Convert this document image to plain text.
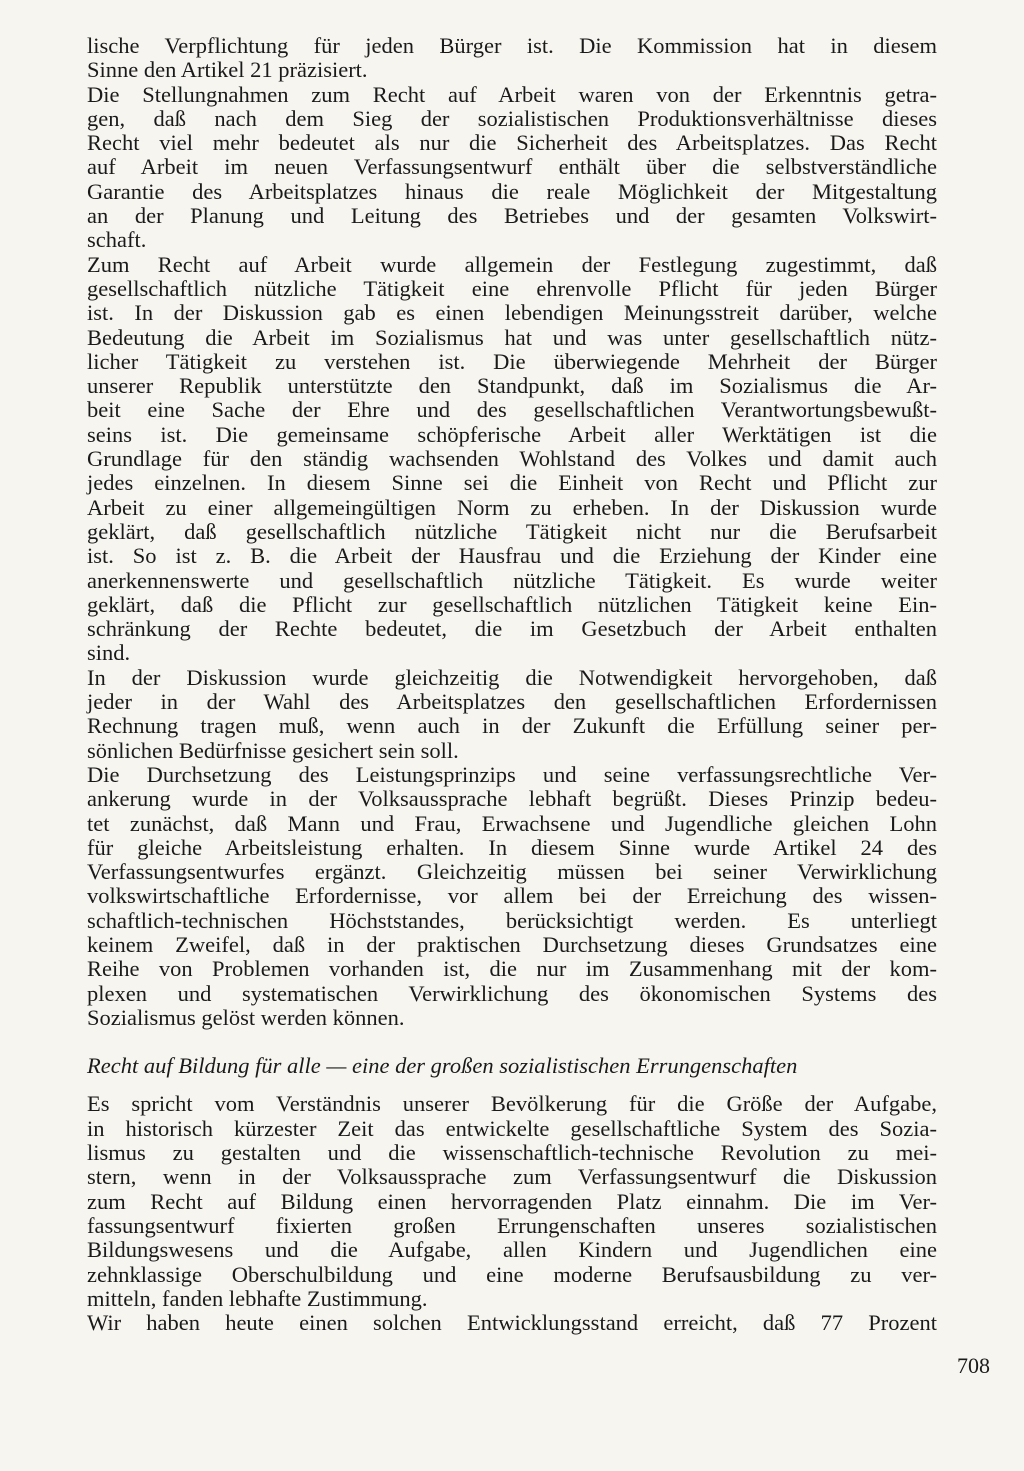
lische Verpflichtung für jeden Bürger ist. Die Kommission hat in diesem
Sinne den Artikel 21 präzisiert.
Die Stellungnahmen zum Recht auf Arbeit waren von der Erkenntnis getra-
gen, daß nach dem Sieg der sozialistischen Produktionsverhältnisse dieses
Recht viel mehr bedeutet als nur die Sicherheit des Arbeitsplatzes. Das Recht
auf Arbeit im neuen Verfassungsentwurf enthält über die selbstverständliche
Garantie des Arbeitsplatzes hinaus die reale Möglichkeit der Mitgestaltung
an der Planung und Leitung des Betriebes und der gesamten Volkswirt-
schaft.
Zum Recht auf Arbeit wurde allgemein der Festlegung zugestimmt, daß
gesellschaftlich nützliche Tätigkeit eine ehrenvolle Pflicht für jeden Bürger
ist. In der Diskussion gab es einen lebendigen Meinungsstreit darüber, welche
Bedeutung die Arbeit im Sozialismus hat und was unter gesellschaftlich nütz-
licher Tätigkeit zu verstehen ist. Die überwiegende Mehrheit der Bürger
unserer Republik unterstützte den Standpunkt, daß im Sozialismus die Ar-
beit eine Sache der Ehre und des gesellschaftlichen Verantwortungsbewußt-
seins ist. Die gemeinsame schöpferische Arbeit aller Werktätigen ist die
Grundlage für den ständig wachsenden Wohlstand des Volkes und damit auch
jedes einzelnen. In diesem Sinne sei die Einheit von Recht und Pflicht zur
Arbeit zu einer allgemeingültigen Norm zu erheben. In der Diskussion wurde
geklärt, daß gesellschaftlich nützliche Tätigkeit nicht nur die Berufsarbeit
ist. So ist z. B. die Arbeit der Hausfrau und die Erziehung der Kinder eine
anerkennenswerte und gesellschaftlich nützliche Tätigkeit. Es wurde weiter
geklärt, daß die Pflicht zur gesellschaftlich nützlichen Tätigkeit keine Ein-
schränkung der Rechte bedeutet, die im Gesetzbuch der Arbeit enthalten
sind.
In der Diskussion wurde gleichzeitig die Notwendigkeit hervorgehoben, daß
jeder in der Wahl des Arbeitsplatzes den gesellschaftlichen Erfordernissen
Rechnung tragen muß, wenn auch in der Zukunft die Erfüllung seiner per-
sönlichen Bedürfnisse gesichert sein soll.
Die Durchsetzung des Leistungsprinzips und seine verfassungsrechtliche Ver-
ankerung wurde in der Volksaussprache lebhaft begrüßt. Dieses Prinzip bedeu-
tet zunächst, daß Mann und Frau, Erwachsene und Jugendliche gleichen Lohn
für gleiche Arbeitsleistung erhalten. In diesem Sinne wurde Artikel 24 des
Verfassungsentwurfes ergänzt. Gleichzeitig müssen bei seiner Verwirklichung
volkswirtschaftliche Erfordernisse, vor allem bei der Erreichung des wissen-
schaftlich-technischen Höchststandes, berücksichtigt werden. Es unterliegt
keinem Zweifel, daß in der praktischen Durchsetzung dieses Grundsatzes eine
Reihe von Problemen vorhanden ist, die nur im Zusammenhang mit der kom-
plexen und systematischen Verwirklichung des ökonomischen Systems des
Sozialismus gelöst werden können.
Recht auf Bildung für alle — eine der großen sozialistischen Errungenschaften
Es spricht vom Verständnis unserer Bevölkerung für die Größe der Aufgabe,
in historisch kürzester Zeit das entwickelte gesellschaftliche System des Sozia-
lismus zu gestalten und die wissenschaftlich-technische Revolution zu mei-
stern, wenn in der Volksaussprache zum Verfassungsentwurf die Diskussion
zum Recht auf Bildung einen hervorragenden Platz einnahm. Die im Ver-
fassungsentwurf fixierten großen Errungenschaften unseres sozialistischen
Bildungswesens und die Aufgabe, allen Kindern und Jugendlichen eine
zehnklassige Oberschulbildung und eine moderne Berufsausbildung zu ver-
mitteln, fanden lebhafte Zustimmung.
Wir haben heute einen solchen Entwicklungsstand erreicht, daß 77 Prozent
708
